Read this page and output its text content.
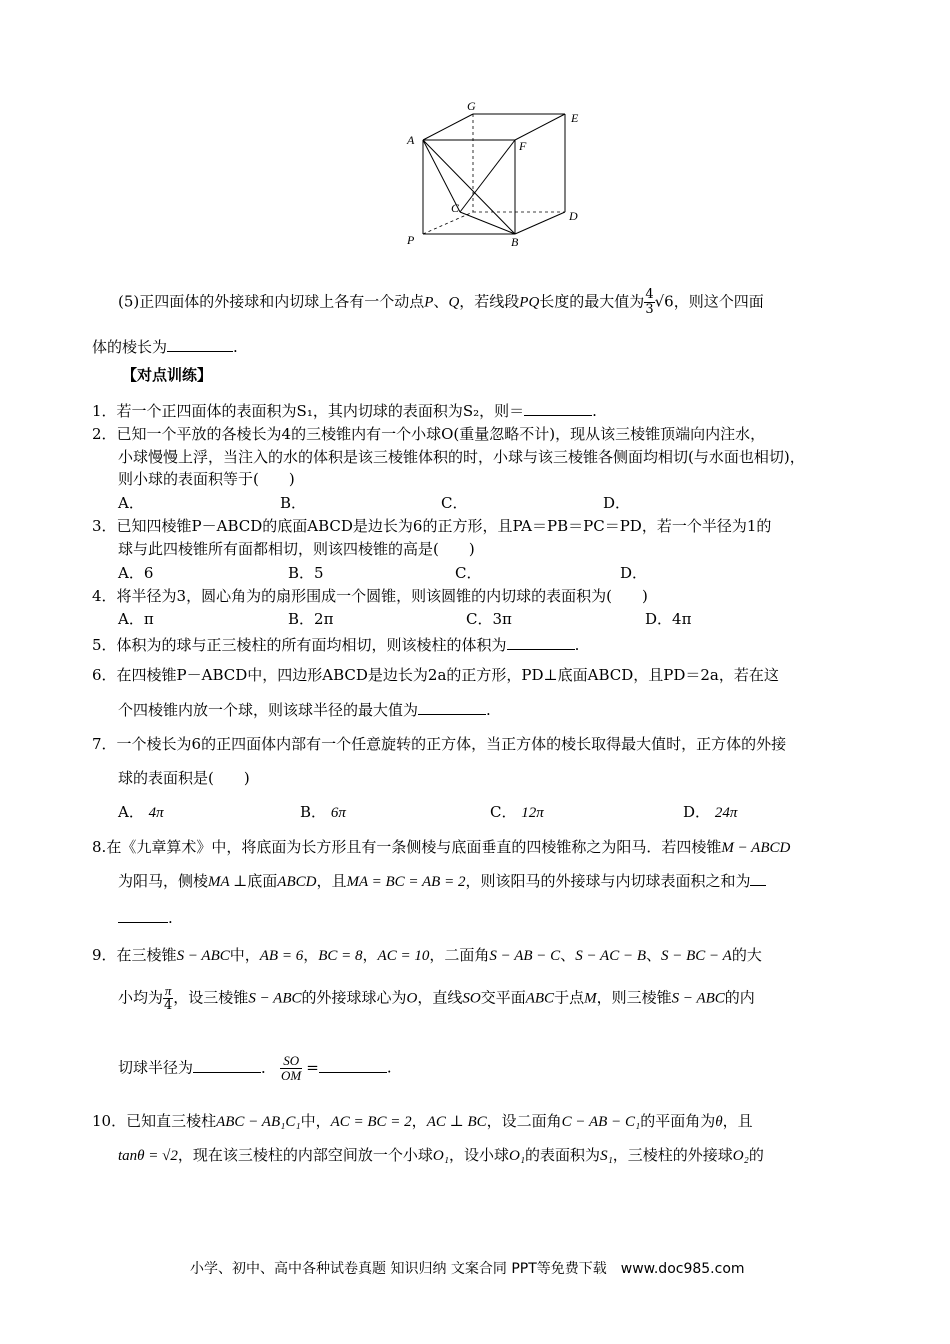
A
G
E
F
C
D
P	B
(5)正四面体的外接球和内切球上各有一个动点P、Q，若线段PQ长度的最大值为 $\frac{4}{3} √6$，则这个四面
体的棱长为	.
【对点训练】
1．若一个正四面体的表面积为S₁，其内切球的表面积为S₂，则＝	.
2．已知一个平放的各棱长为4的三棱锥内有一个小球O(重量忽略不计)，现从该三棱锥顶端向内注水，
小球慢慢上浮，当注入的水的体积是该三棱锥体积的时，小球与该三棱锥各侧面均相切(与水面也相切)，
则小球的表面积等于(　　)
A．	B．	C．	D．
3．已知四棱锥P－ABCD的底面ABCD是边长为6的正方形，且PA＝PB＝PC＝PD，若一个半径为1的
球与此四棱锥所有面都相切，则该四棱锥的高是(　　)
A．6	B．5	C．	D．
4．将半径为3，圆心角为的扇形围成一个圆锥，则该圆锥的内切球的表面积为(　　)
A．π	B．2π	C．3π	D．4π
5．体积为的球与正三棱柱的所有面均相切，则该棱柱的体积为	.
6．在四棱锥P－ABCD中，四边形ABCD是边长为2a的正方形，PD⊥底面ABCD，且PD＝2a，若在这
个四棱锥内放一个球，则该球半径的最大值为	.
7．一个棱长为6的正四面体内部有一个任意旋转的正方体，当正方体的棱长取得最大值时，正方体的外接
球的表面积是(　　)
A． 4π	B． 6π	C． 12π	D． 24π
8.在《九章算术》中，将底面为长方形且有一条侧棱与底面垂直的四棱锥称之为阳马．若四棱锥M − ABCD
为阳马，侧棱MA ⊥底面ABCD，且MA = BC = AB = 2，则该阳马的外接球与内切球表面积之和为
.
9．在三棱锥S − ABC中，AB = 6，BC = 8，AC = 10，二面角S − AB − C、S − AC − B、S − BC − A的大
小均为 $\frac{\pi}{4}$ ，设三棱锥S − ABC的外接球球心为O，直线SO交平面ABC于点M，则三棱锥S − ABC的内
切球半径为	． $\frac{SO}{OM}$ =	.
10．已知直三棱柱ABC − AB₁C₁中，AC = BC = 2，AC ⊥ BC，设二面角C − AB − C₁的平面角为θ，且
tanθ = √2，现在该三棱柱的内部空间放一个小球O₁，设小球O₁的表面积为S₁，三棱柱的外接球O₂的
小学、初中、高中各种试卷真题 知识归纳 文案合同 PPT等免费下载　www.doc985.com
